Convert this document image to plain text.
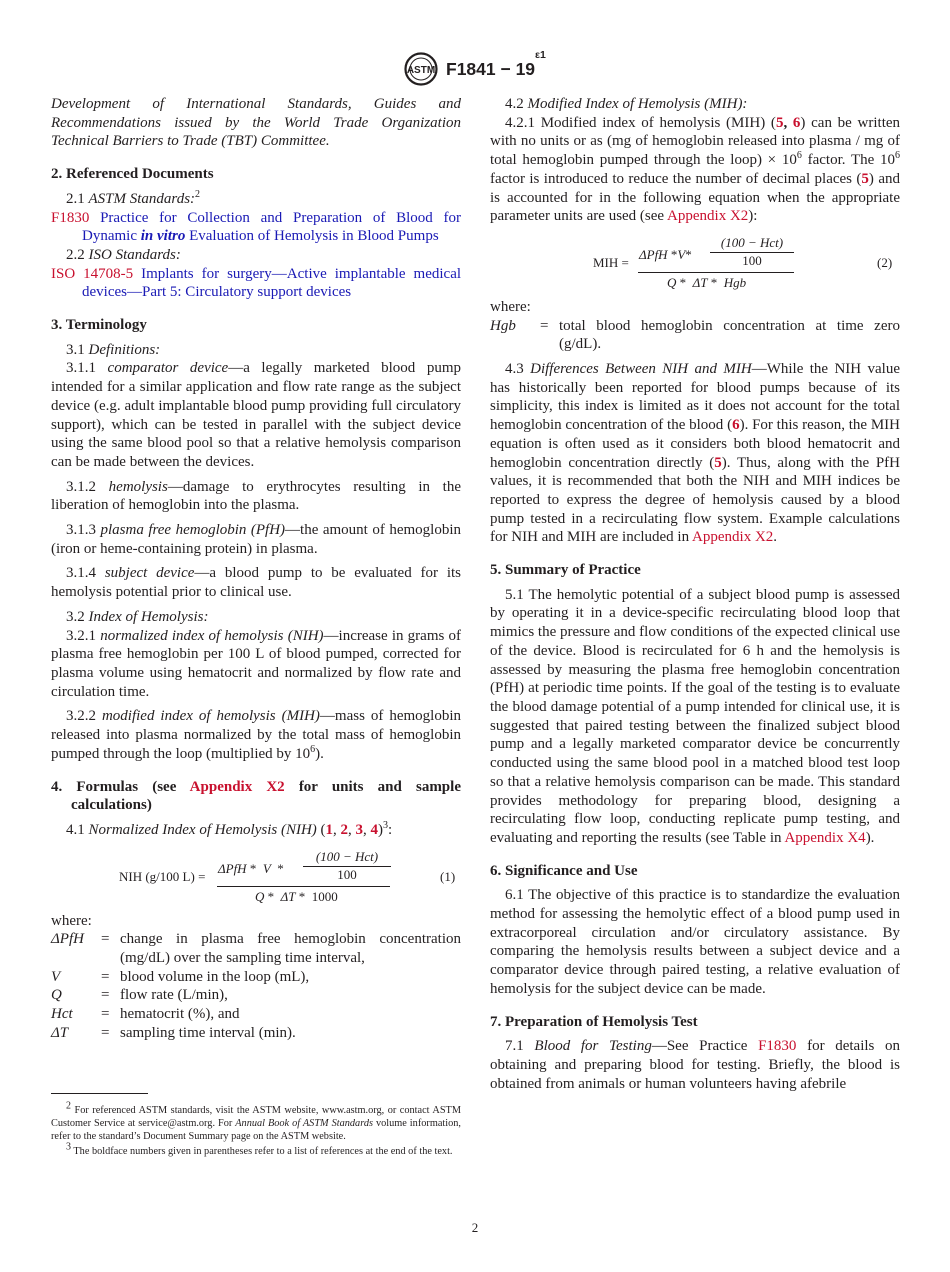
ASTM $F1841 - 19^{\varepsilon 1}$

Development of International Standards, Guides and Recommendations issued by the World Trade Organization Technical Barriers to Trade (TBT) Committee.

2. Referenced Documents

2.1 ASTM Standards:$^2$

F1830 Practice for Collection and Preparation of Blood for Dynamic in vitro Evaluation of Hemolysis in Blood Pumps

2.2 ISO Standards:

ISO 14708-5 Implants for surgery—Active implantable medical devices—Part 5: Circulatory support devices

3. Terminology

3.1 Definitions:

3.1.1 comparator device—a legally marketed blood pump intended for a similar application and flow rate range as the subject device (e.g. adult implantable blood pump providing full circulatory support), which can be tested in parallel with the subject device using the same blood pool so that a relative hemolysis comparison can be made between the devices.

3.1.2 hemolysis—damage to erythrocytes resulting in the liberation of hemoglobin into the plasma.

3.1.3 plasma free hemoglobin (PfH)—the amount of hemoglobin (iron or heme-containing protein) in plasma.

3.1.4 subject device—a blood pump to be evaluated for its hemolysis potential prior to clinical use.

3.2 Index of Hemolysis:

3.2.1 normalized index of hemolysis (NIH)—increase in grams of plasma free hemoglobin per 100 L of blood pumped, corrected for plasma volume using hematocrit and normalized by flow rate and circulation time.

3.2.2 modified index of hemolysis (MIH)—mass of hemoglobin released into plasma normalized by the total mass of hemoglobin pumped through the loop (multiplied by $10^6$).

4. Formulas (see Appendix X2 for units and sample calculations)

4.1 Normalized Index of Hemolysis (NIH) (1, 2, 3, 4)$^3$:

NIH (g/100 L) =
ΔPfH * V *
(100 − Hct)
100
Q * ΔT * 1000
(1)

where:

ΔPfH	= change in plasma free hemoglobin concentration (mg/dL) over the sampling time interval,
V	= blood volume in the loop (mL),
Q	= flow rate (L/min),
Hct	= hematocrit (%), and
ΔT	= sampling time interval (min).

$^2$ For referenced ASTM standards, visit the ASTM website, www.astm.org, or contact ASTM Customer Service at service@astm.org. For Annual Book of ASTM Standards volume information, refer to the standard’s Document Summary page on the ASTM website.

$^3$ The boldface numbers given in parentheses refer to a list of references at the end of the text.

4.2 Modified Index of Hemolysis (MIH):

4.2.1 Modified index of hemolysis (MIH) (5, 6) can be written with no units or as (mg of hemoglobin released into plasma / mg of total hemoglobin pumped through the loop) × $10^6$ factor. The $10^6$ factor is introduced to reduce the number of decimal places (5) and is accounted for in the following equation when the appropriate parameter units are used (see Appendix X2):

MIH =
ΔPfH *V*
(100 − Hct)
100
Q * ΔT * Hgb
(2)

where:

Hgb	= total blood hemoglobin concentration at time zero (g/dL).

4.3 Differences Between NIH and MIH—While the NIH value has historically been reported for blood pumps because of its simplicity, this index is limited as it does not account for the total hemoglobin concentration of the blood (6). For this reason, the MIH equation is often used as it considers both blood hematocrit and hemoglobin concentration directly (5). Thus, along with the PfH values, it is recommended that both the NIH and MIH indices be reported to express the degree of hemolysis caused by a blood pump tested in a recirculating flow system. Example calculations for NIH and MIH are included in Appendix X2.

5. Summary of Practice

5.1 The hemolytic potential of a subject blood pump is assessed by operating it in a device-specific recirculating blood loop that mimics the pressure and flow conditions of the expected clinical use of the device. Blood is recirculated for 6 h and the hemolysis is assessed by measuring the plasma free hemoglobin concentration (PfH) at periodic time points. If the goal of the testing is to evaluate the blood damage potential of a pump intended for clinical use, it is suggested that paired testing between the finalized subject blood pump and a legally marketed comparator device be concurrently conducted using the same blood pool in a matched blood test loop so that a relative hemolysis comparison can be made. This standard provides methodology for preparing blood, designing a recirculating flow loop, conducting replicate pump testing, and evaluating and reporting the results (see Table in Appendix X4).

6. Significance and Use

6.1 The objective of this practice is to standardize the evaluation method for assessing the hemolytic effect of a blood pump used in extracorporeal circulation and/or circulatory assistance. By comparing the hemolysis results between a subject device and a comparator device through paired testing, a relative evaluation of hemolysis for the subject device can be made.

7. Preparation of Hemolysis Test

7.1 Blood for Testing—See Practice F1830 for details on obtaining and preparing blood for testing. Briefly, the blood is obtained from animals or human volunteers having afebrile

2
